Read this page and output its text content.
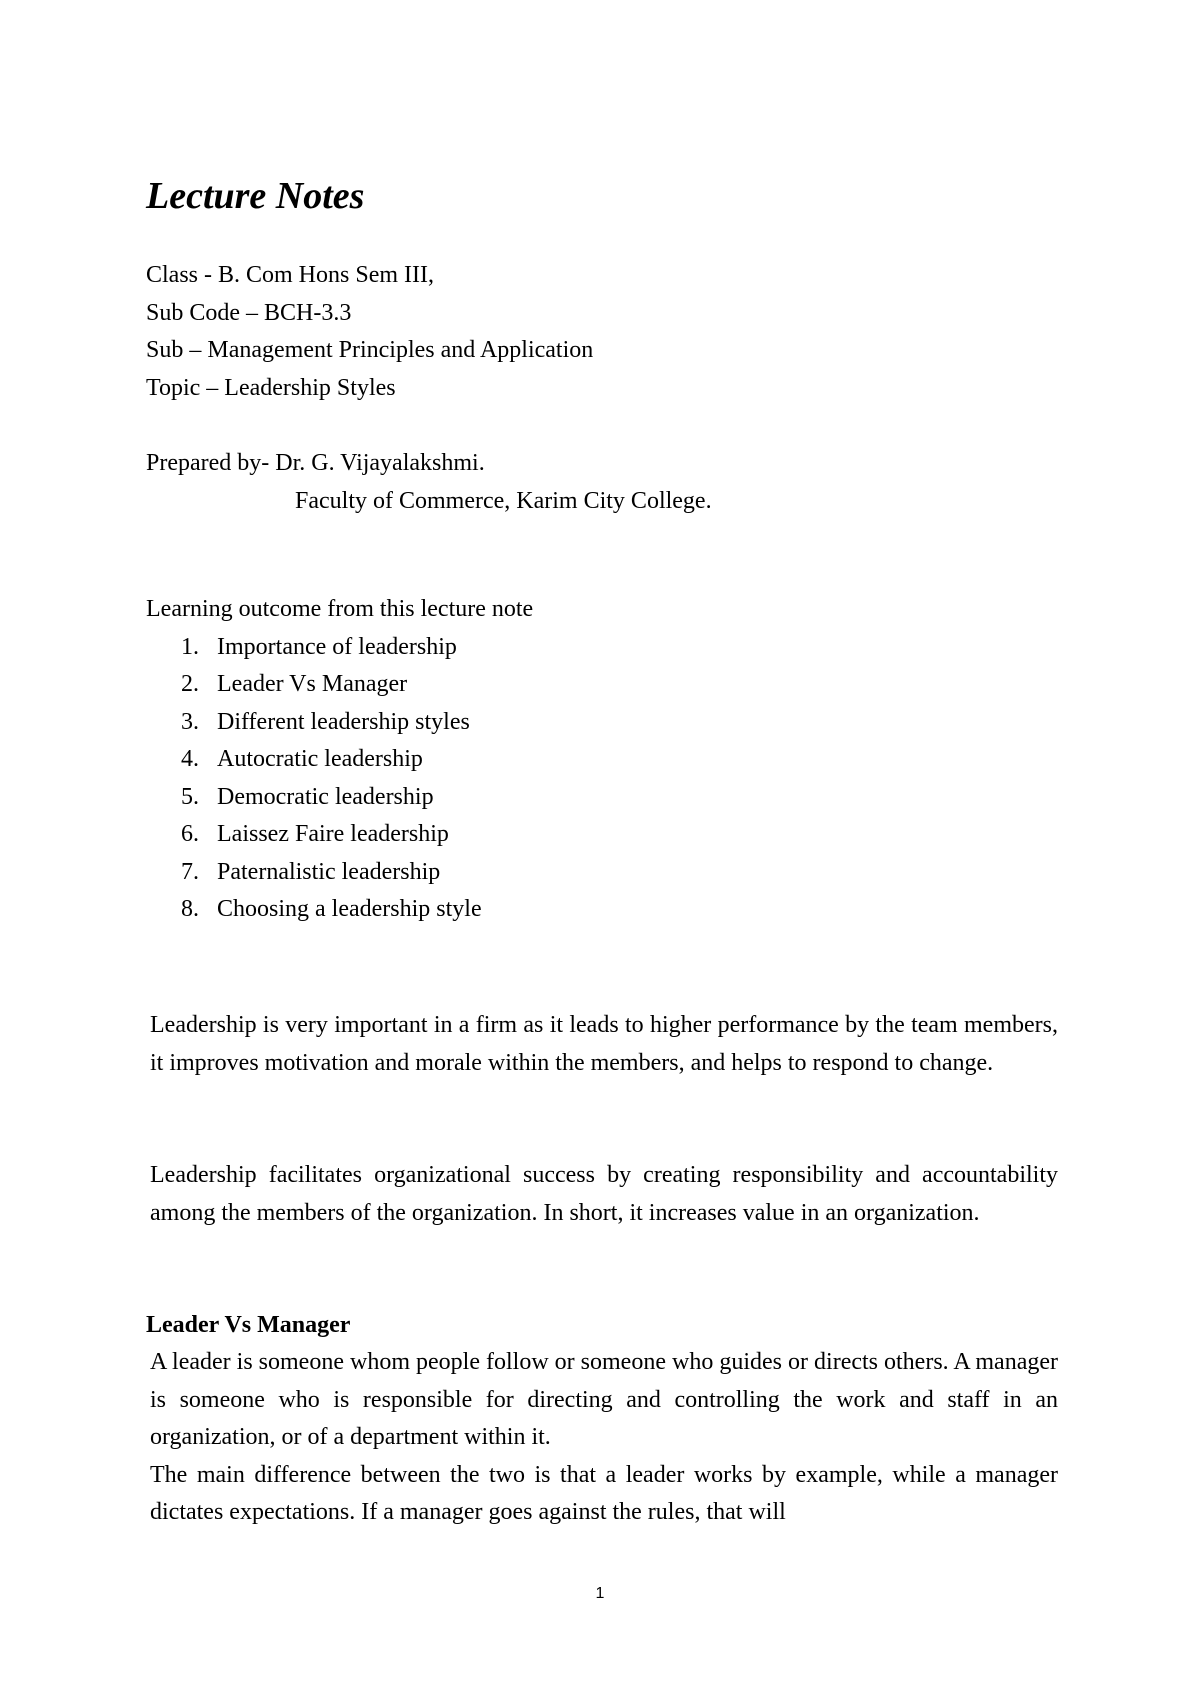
Lecture Notes
Class - B. Com Hons Sem III,
Sub Code – BCH-3.3
Sub – Management Principles and Application
Topic – Leadership Styles
Prepared by- Dr. G. Vijayalakshmi.
Faculty of Commerce, Karim City College.
Learning outcome from this lecture note
1. Importance of leadership
2. Leader Vs Manager
3. Different leadership styles
4. Autocratic leadership
5. Democratic leadership
6. Laissez Faire leadership
7. Paternalistic leadership
8. Choosing a leadership style

Leadership is very important in a firm as it leads to higher performance by the team members, it improves motivation and morale within the members, and helps to respond to change.

Leadership facilitates organizational success by creating responsibility and accountability among the members of the organization. In short, it increases value in an organization.

Leader Vs Manager
A leader is someone whom people follow or someone who guides or directs others. A manager is someone who is responsible for directing and controlling the work and staff in an organization, or of a department within it.
The main difference between the two is that a leader works by example, while a manager dictates expectations. If a manager goes against the rules, that will
1
